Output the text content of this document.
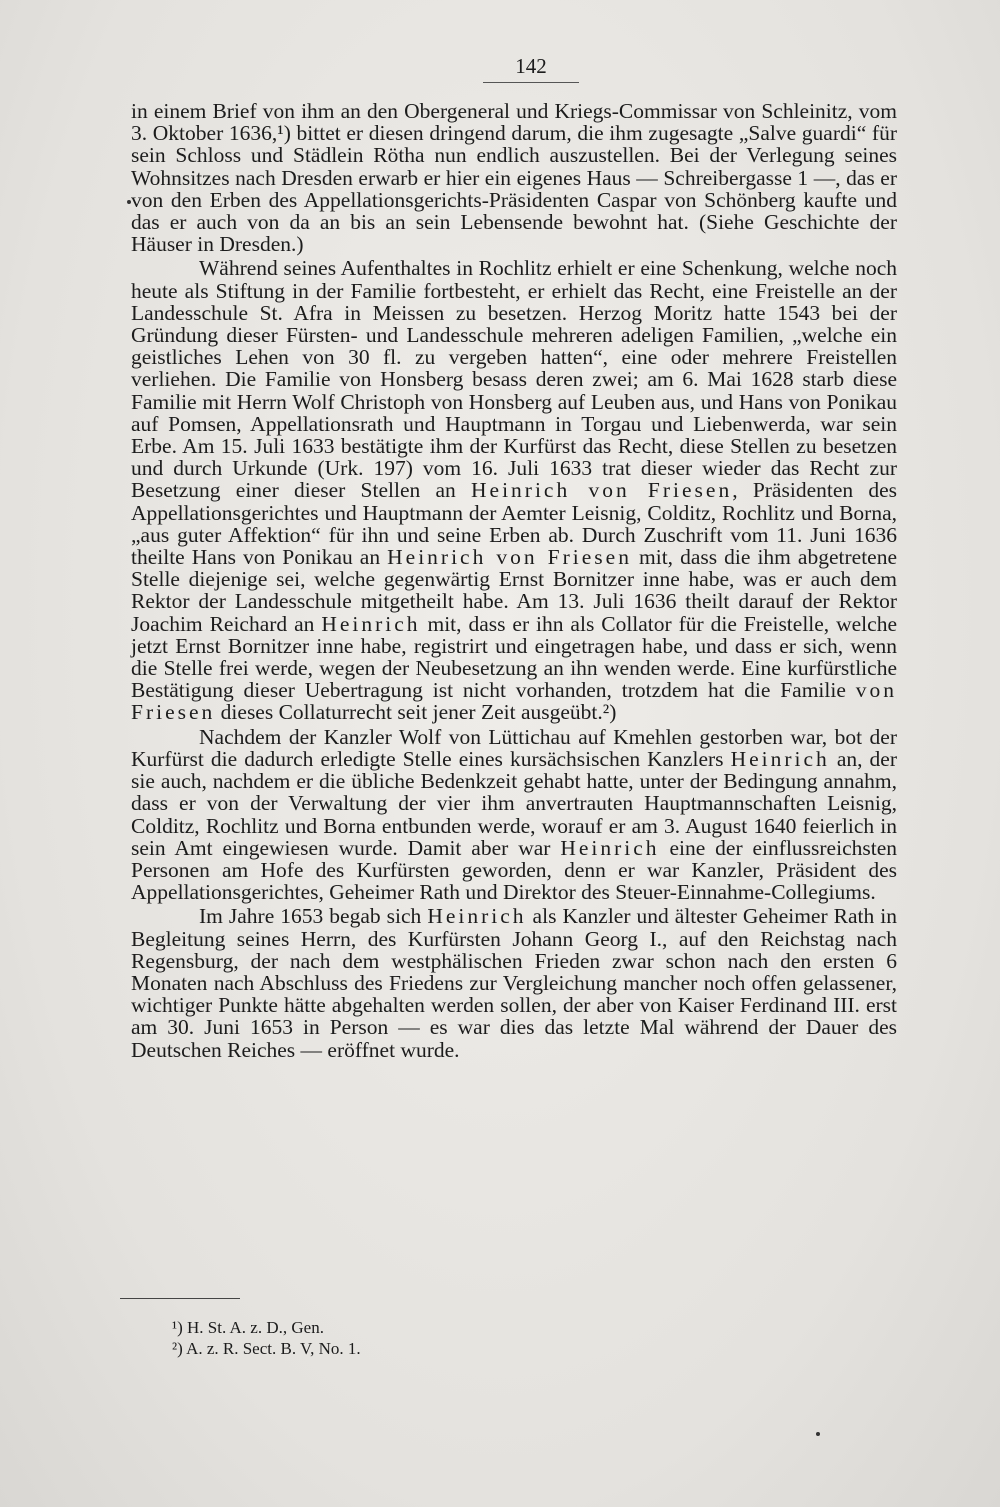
142

in einem Brief von ihm an den Obergeneral und Kriegs-Commissar von Schleinitz, vom 3. Oktober 1636,¹) bittet er diesen dringend darum, die ihm zugesagte „Salve guardi“ für sein Schloss und Städlein Rötha nun endlich auszustellen. Bei der Verlegung seines Wohnsitzes nach Dresden erwarb er hier ein eigenes Haus — Schreibergasse 1 —, das er von den Erben des Appellationsgerichts-Präsidenten Caspar von Schönberg kaufte und das er auch von da an bis an sein Lebensende bewohnt hat. (Siehe Geschichte der Häuser in Dresden.)

Während seines Aufenthaltes in Rochlitz erhielt er eine Schenkung, welche noch heute als Stiftung in der Familie fortbesteht, er erhielt das Recht, eine Freistelle an der Landesschule St. Afra in Meissen zu besetzen. Herzog Moritz hatte 1543 bei der Gründung dieser Fürsten- und Landesschule mehreren adeligen Familien, „welche ein geistliches Lehen von 30 fl. zu vergeben hatten“, eine oder mehrere Freistellen verliehen. Die Familie von Honsberg besass deren zwei; am 6. Mai 1628 starb diese Familie mit Herrn Wolf Christoph von Honsberg auf Leuben aus, und Hans von Ponikau auf Pomsen, Appellationsrath und Hauptmann in Torgau und Liebenwerda, war sein Erbe. Am 15. Juli 1633 bestätigte ihm der Kurfürst das Recht, diese Stellen zu besetzen und durch Urkunde (Urk. 197) vom 16. Juli 1633 trat dieser wieder das Recht zur Besetzung einer dieser Stellen an Heinrich von Friesen, Präsidenten des Appellationsgerichtes und Hauptmann der Aemter Leisnig, Colditz, Rochlitz und Borna, „aus guter Affektion“ für ihn und seine Erben ab. Durch Zuschrift vom 11. Juni 1636 theilte Hans von Ponikau an Heinrich von Friesen mit, dass die ihm abgetretene Stelle diejenige sei, welche gegenwärtig Ernst Bornitzer inne habe, was er auch dem Rektor der Landesschule mitgetheilt habe. Am 13. Juli 1636 theilt darauf der Rektor Joachim Reichard an Heinrich mit, dass er ihn als Collator für die Freistelle, welche jetzt Ernst Bornitzer inne habe, registrirt und eingetragen habe, und dass er sich, wenn die Stelle frei werde, wegen der Neubesetzung an ihn wenden werde. Eine kurfürstliche Bestätigung dieser Uebertragung ist nicht vorhanden, trotzdem hat die Familie von Friesen dieses Collaturrecht seit jener Zeit ausgeübt.²)

Nachdem der Kanzler Wolf von Lüttichau auf Kmehlen gestorben war, bot der Kurfürst die dadurch erledigte Stelle eines kursächsischen Kanzlers Heinrich an, der sie auch, nachdem er die übliche Bedenkzeit gehabt hatte, unter der Bedingung annahm, dass er von der Verwaltung der vier ihm anvertrauten Hauptmannschaften Leisnig, Colditz, Rochlitz und Borna entbunden werde, worauf er am 3. August 1640 feierlich in sein Amt eingewiesen wurde. Damit aber war Heinrich eine der einflussreichsten Personen am Hofe des Kurfürsten geworden, denn er war Kanzler, Präsident des Appellationsgerichtes, Geheimer Rath und Direktor des Steuer-Einnahme-Collegiums.

Im Jahre 1653 begab sich Heinrich als Kanzler und ältester Geheimer Rath in Begleitung seines Herrn, des Kurfürsten Johann Georg I., auf den Reichstag nach Regensburg, der nach dem westphälischen Frieden zwar schon nach den ersten 6 Monaten nach Abschluss des Friedens zur Vergleichung mancher noch offen gelassener, wichtiger Punkte hätte abgehalten werden sollen, der aber von Kaiser Ferdinand III. erst am 30. Juni 1653 in Person — es war dies das letzte Mal während der Dauer des Deutschen Reiches — eröffnet wurde.

¹) H. St. A. z. D., Gen.
²) A. z. R. Sect. B. V, No. 1.
